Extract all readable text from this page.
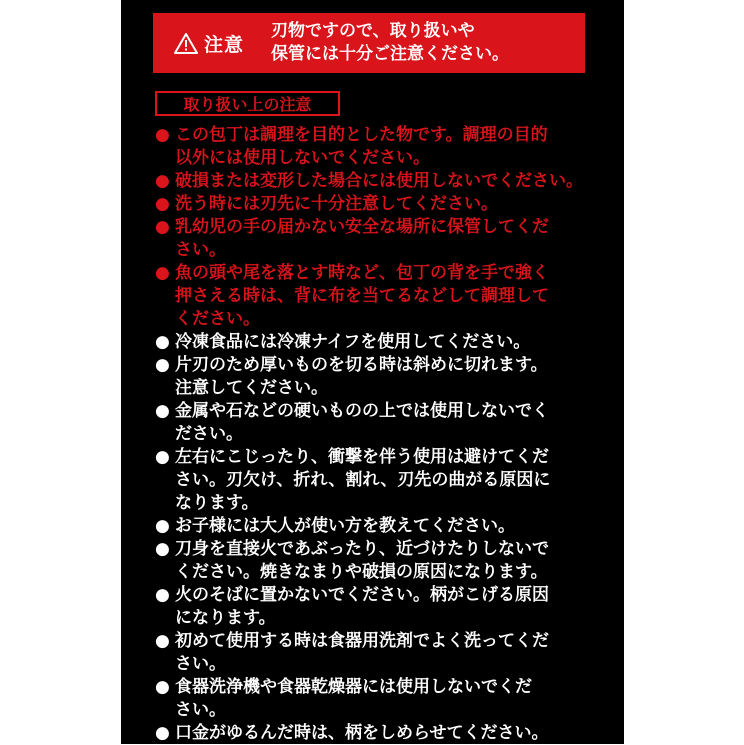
注意
刃物ですので、取り扱いや
保管には十分ご注意ください。
取り扱い上の注意
● この包丁は調理を目的とした物です。調理の目的
以外には使用しないでください。
● 破損または変形した場合には使用しないでください。
● 洗う時には刃先に十分注意してください。
● 乳幼児の手の届かない安全な場所に保管してくだ
さい。
● 魚の頭や尾を落とす時など、包丁の背を手で強く
押さえる時は、背に布を当てるなどして調理して
ください。
● 冷凍食品には冷凍ナイフを使用してください。
● 片刃のため厚いものを切る時は斜めに切れます。
注意してください。
● 金属や石などの硬いものの上では使用しないでく
ださい。
● 左右にこじったり、衝撃を伴う使用は避けてくだ
さい。刃欠け、折れ、割れ、刃先の曲がる原因に
なります。
● お子様には大人が使い方を教えてください。
● 刀身を直接火であぶったり、近づけたりしないで
ください。焼きなまりや破損の原因になります。
● 火のそばに置かないでください。柄がこげる原因
になります。
● 初めて使用する時は食器用洗剤でよく洗ってくだ
さい。
● 食器洗浄機や食器乾燥器には使用しないでくだ
さい。
● 口金がゆるんだ時は、柄をしめらせてください。
